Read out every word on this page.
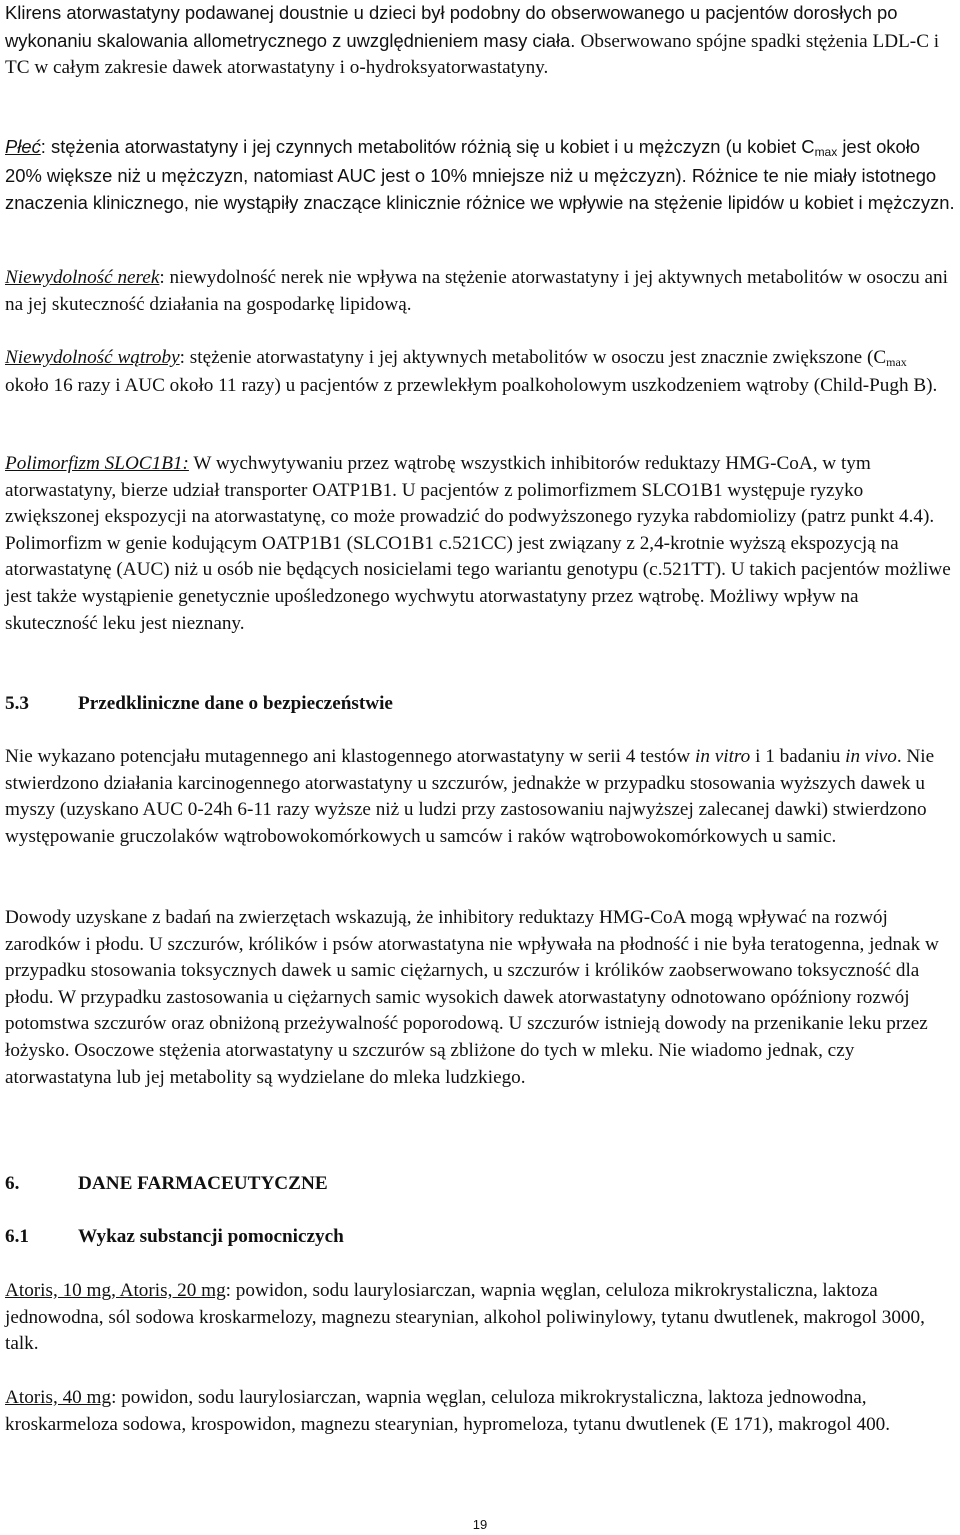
Klirens atorwastatyny podawanej doustnie u dzieci był podobny do obserwowanego u pacjentów dorosłych po wykonaniu skalowania allometrycznego z uwzględnieniem masy ciała. Obserwowano spójne spadki stężenia LDL-C i TC w całym zakresie dawek atorwastatyny i o-hydroksyatorwastatyny.

Płeć: stężenia atorwastatyny i jej czynnych metabolitów różnią się u kobiet i u mężczyzn (u kobiet Cmax jest około 20% większe niż u mężczyzn, natomiast AUC jest o 10% mniejsze niż u mężczyzn). Różnice te nie miały istotnego znaczenia klinicznego, nie wystąpiły znaczące klinicznie różnice we wpływie na stężenie lipidów u kobiet i mężczyzn.

Niewydolność nerek: niewydolność nerek nie wpływa na stężenie atorwastatyny i jej aktywnych metabolitów w osoczu ani na jej skuteczność działania na gospodarkę lipidową.

Niewydolność wątroby: stężenie atorwastatyny i jej aktywnych metabolitów w osoczu jest znacznie zwiększone (Cmax około 16 razy i AUC około 11 razy) u pacjentów z przewlekłym poalkoholowym uszkodzeniem wątroby (Child-Pugh B).

Polimorfizm SLOC1B1: W wychwytywaniu przez wątrobę wszystkich inhibitorów reduktazy HMG-CoA, w tym atorwastatyny, bierze udział transporter OATP1B1. U pacjentów z polimorfizmem SLCO1B1 występuje ryzyko zwiększonej ekspozycji na atorwastatynę, co może prowadzić do podwyższonego ryzyka rabdomiolizy (patrz punkt 4.4). Polimorfizm w genie kodującym OATP1B1 (SLCO1B1 c.521CC) jest związany z 2,4-krotnie wyższą ekspozycją na atorwastatynę (AUC) niż u osób nie będących nosicielami tego wariantu genotypu (c.521TT). U takich pacjentów możliwe jest także wystąpienie genetycznie upośledzonego wychwytu atorwastatyny przez wątrobę. Możliwy wpływ na skuteczność leku jest nieznany.

5.3	Przedkliniczne dane o bezpieczeństwie

Nie wykazano potencjału mutagennego ani klastogennego atorwastatyny w serii 4 testów in vitro i 1 badaniu in vivo. Nie stwierdzono działania karcinogennego atorwastatyny u szczurów, jednakże w przypadku stosowania wyższych dawek u myszy (uzyskano AUC 0-24h 6-11 razy wyższe niż u ludzi przy zastosowaniu najwyższej zalecanej dawki) stwierdzono występowanie gruczolaków wątrobowokomórkowych u samców i raków wątrobowokomórkowych u samic.

Dowody uzyskane z badań na zwierzętach wskazują, że inhibitory reduktazy HMG-CoA mogą wpływać na rozwój zarodków i płodu. U szczurów, królików i psów atorwastatyna nie wpływała na płodność i nie była teratogenna, jednak w przypadku stosowania toksycznych dawek u samic ciężarnych, u szczurów i królików zaobserwowano toksyczność dla płodu. W przypadku zastosowania u ciężarnych samic wysokich dawek atorwastatyny odnotowano opóźniony rozwój potomstwa szczurów oraz obniżoną przeżywalność poporodową. U szczurów istnieją dowody na przenikanie leku przez łożysko. Osoczowe stężenia atorwastatyny u szczurów są zbliżone do tych w mleku. Nie wiadomo jednak, czy atorwastatyna lub jej metabolity są wydzielane do mleka ludzkiego.

6.	DANE FARMACEUTYCZNE

6.1	Wykaz substancji pomocniczych

Atoris, 10 mg, Atoris, 20 mg: powidon, sodu laurylosiarczan, wapnia węglan, celuloza mikrokrystaliczna, laktoza jednowodna, sól sodowa kroskarmelozy, magnezu stearynian, alkohol poliwinylowy, tytanu dwutlenek, makrogol 3000, talk.

Atoris, 40 mg: powidon, sodu laurylosiarczan, wapnia węglan, celuloza mikrokrystaliczna, laktoza jednowodna, kroskarmeloza sodowa, krospowidon, magnezu stearynian, hypromeloza, tytanu dwutlenek (E 171), makrogol 400.

19
